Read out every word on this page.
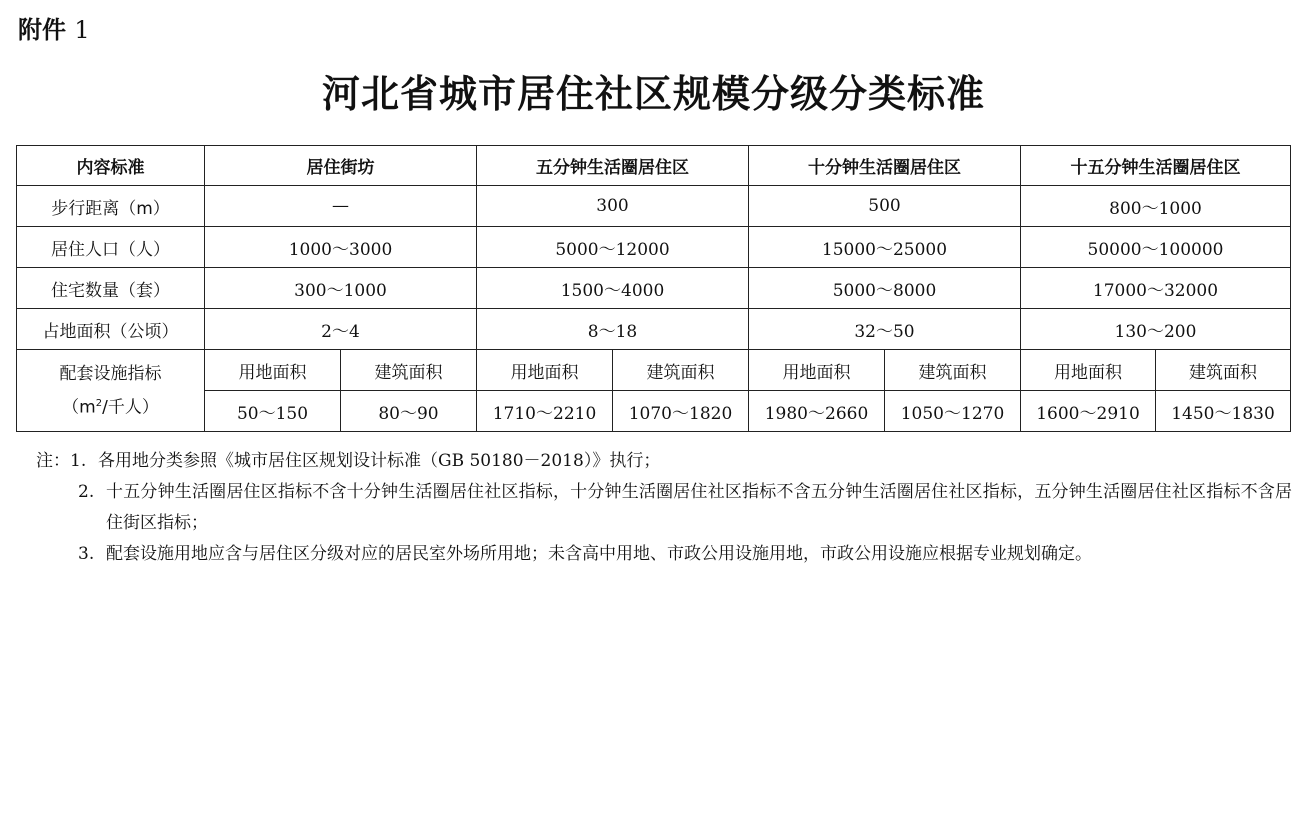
附件 1
河北省城市居住社区规模分级分类标准
内容标准	居住街坊		五分钟生活圈居住区		十分钟生活圈居住区		十五分钟生活圈居住区	
步行距离（m）	—		300		500		800～1000	
居住人口（人）	1000～3000		5000～12000		15000～25000		50000～100000	
住宅数量（套）	300～1000		1500～4000		5000～8000		17000～32000	
占地面积（公顷）	2～4		8～18		32～50		130～200	

配套设施指标
（$m^2/$千人）	用地面积	建筑面积	用地面积	建筑面积	用地面积	建筑面积	用地面积	建筑面积
	50～150	80～90	1710～2210	1070～1820	1980～2660	1050～1270	1600～2910	1450～1830
注： 1. 各用地分类参照《城市居住区规划设计标准（GB 50180－2018）》执行；
2. 十五分钟生活圈居住区指标不含十分钟生活圈居住社区指标，十分钟生活圈居住社区指标不含五分钟生活圈居住社区指标，五分钟生活圈居住社区指标不含居住街区指标；
3. 配套设施用地应含与居住区分级对应的居民室外场所用地；未含高中用地、市政公用设施用地，市政公用设施应根据专业规划确定。
